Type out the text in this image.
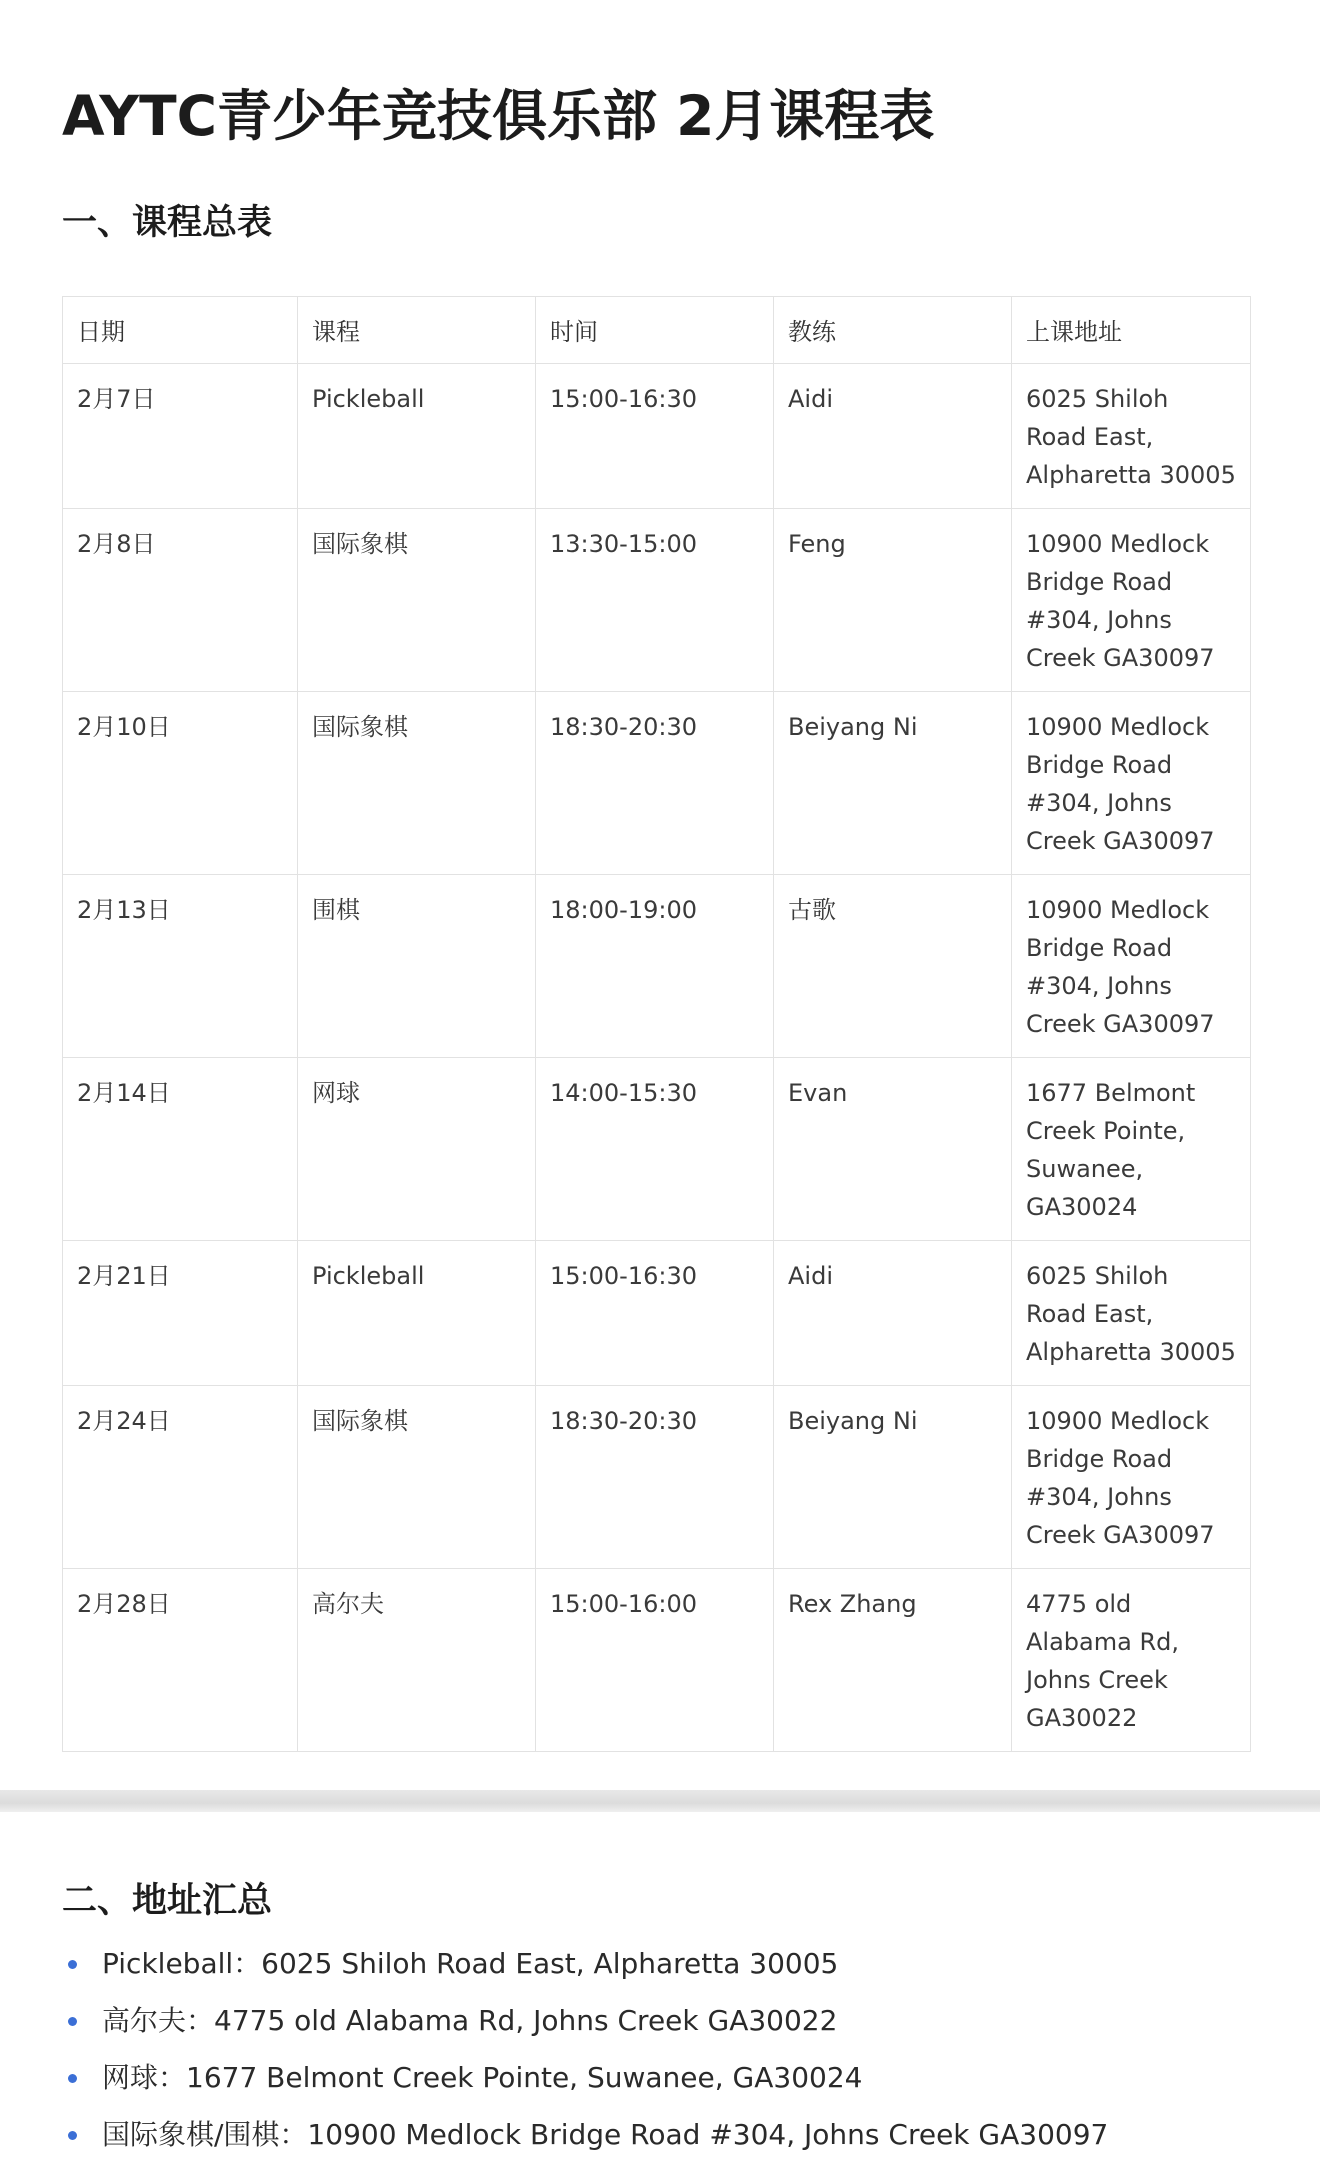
AYTC青少年竞技俱乐部 2月课程表
一、课程总表
日期	课程	时间	教练	上课地址
2月7日	Pickleball	15:00-16:30	Aidi	6025 Shiloh Road East, Alpharetta 30005
2月8日	国际象棋	13:30-15:00	Feng	10900 Medlock Bridge Road #304, Johns Creek GA30097
2月10日	国际象棋	18:30-20:30	Beiyang Ni	10900 Medlock Bridge Road #304, Johns Creek GA30097
2月13日	围棋	18:00-19:00	古歌	10900 Medlock Bridge Road #304, Johns Creek GA30097
2月14日	网球	14:00-15:30	Evan	1677 Belmont Creek Pointe, Suwanee, GA30024
2月21日	Pickleball	15:00-16:30	Aidi	6025 Shiloh Road East, Alpharetta 30005
2月24日	国际象棋	18:30-20:30	Beiyang Ni	10900 Medlock Bridge Road #304, Johns Creek GA30097
2月28日	高尔夫	15:00-16:00	Rex Zhang	4775 old Alabama Rd, Johns Creek GA30022
二、地址汇总
Pickleball：6025 Shiloh Road East, Alpharetta 30005
高尔夫：4775 old Alabama Rd, Johns Creek GA30022
网球：1677 Belmont Creek Pointe, Suwanee, GA30024
国际象棋/围棋：10900 Medlock Bridge Road #304, Johns Creek GA30097
